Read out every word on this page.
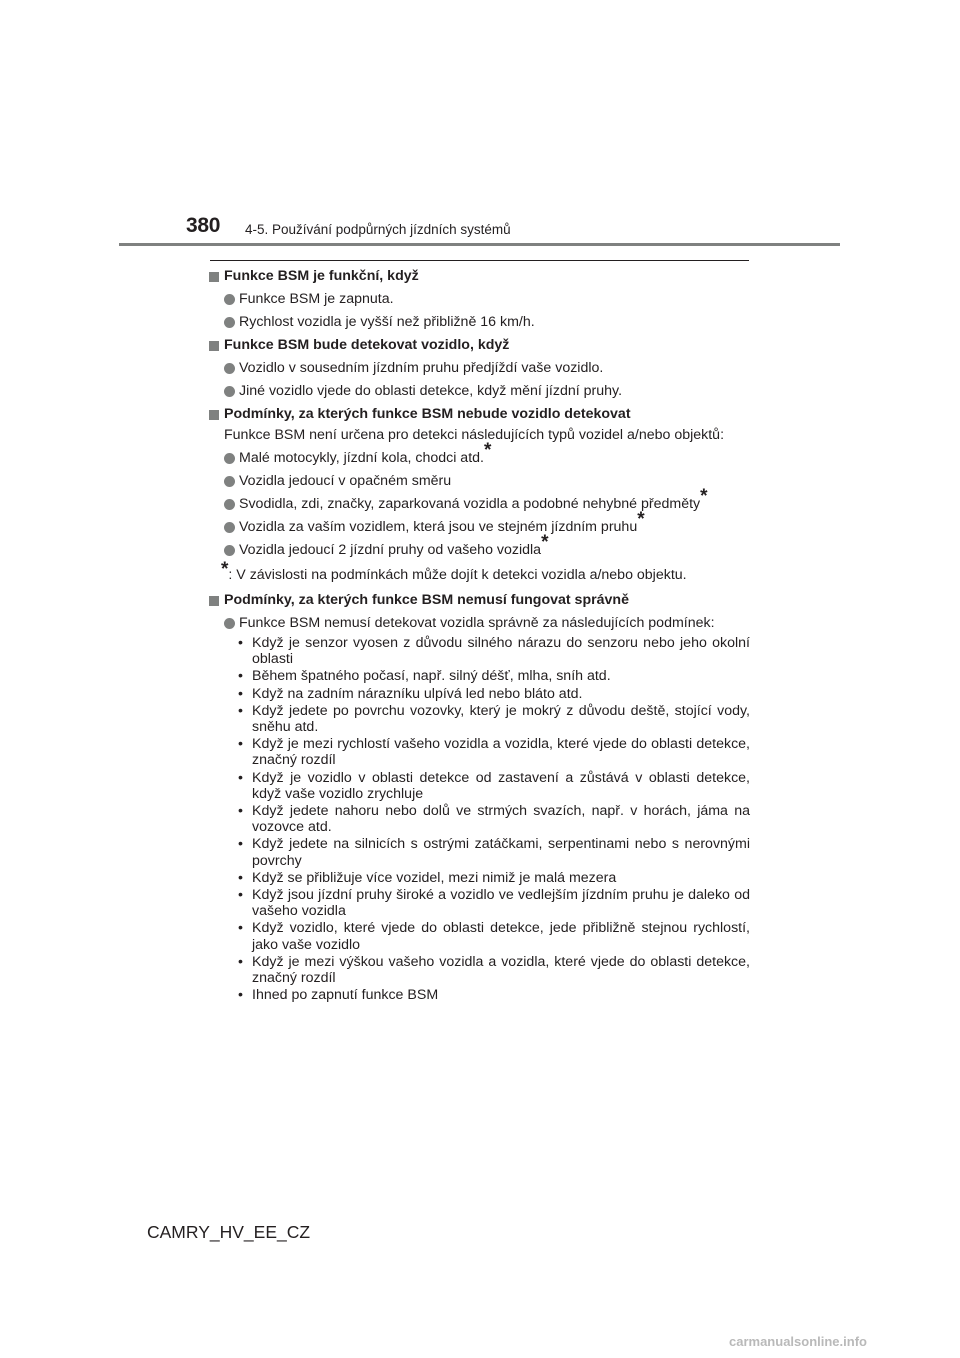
380 4-5. Používání podpůrných jízdních systémů
Funkce BSM je funkční, když
Funkce BSM je zapnuta.
Rychlost vozidla je vyšší než přibližně 16 km/h.
Funkce BSM bude detekovat vozidlo, když
Vozidlo v sousedním jízdním pruhu předjíždí vaše vozidlo.
Jiné vozidlo vjede do oblasti detekce, když mění jízdní pruhy.
Podmínky, za kterých funkce BSM nebude vozidlo detekovat
Funkce BSM není určena pro detekci následujících typů vozidel a/nebo objektů:
Malé motocykly, jízdní kola, chodci atd.*
Vozidla jedoucí v opačném směru
Svodidla, zdi, značky, zaparkovaná vozidla a podobné nehybné předměty*
Vozidla za vaším vozidlem, která jsou ve stejném jízdním pruhu*
Vozidla jedoucí 2 jízdní pruhy od vašeho vozidla*
*: V závislosti na podmínkách může dojít k detekci vozidla a/nebo objektu.
Podmínky, za kterých funkce BSM nemusí fungovat správně
Funkce BSM nemusí detekovat vozidla správně za následujících podmínek:
• Když je senzor vyosen z důvodu silného nárazu do senzoru nebo jeho okolní oblasti
• Během špatného počasí, např. silný déšť, mlha, sníh atd.
• Když na zadním nárazníku ulpívá led nebo bláto atd.
• Když jedete po povrchu vozovky, který je mokrý z důvodu deště, stojící vody, sněhu atd.
• Když je mezi rychlostí vašeho vozidla a vozidla, které vjede do oblasti detekce, značný rozdíl
• Když je vozidlo v oblasti detekce od zastavení a zůstává v oblasti detekce, když vaše vozidlo zrychluje
• Když jedete nahoru nebo dolů ve strmých svazích, např. v horách, jáma na vozovce atd.
• Když jedete na silnicích s ostrými zatáčkami, serpentinami nebo s nerovnými povrchy
• Když se přibližuje více vozidel, mezi nimiž je malá mezera
• Když jsou jízdní pruhy široké a vozidlo ve vedlejším jízdním pruhu je daleko od vašeho vozidla
• Když vozidlo, které vjede do oblasti detekce, jede přibližně stejnou rychlostí, jako vaše vozidlo
• Když je mezi výškou vašeho vozidla a vozidla, které vjede do oblasti detekce, značný rozdíl
• Ihned po zapnutí funkce BSM
CAMRY_HV_EE_CZ
carmanualsonline.info
